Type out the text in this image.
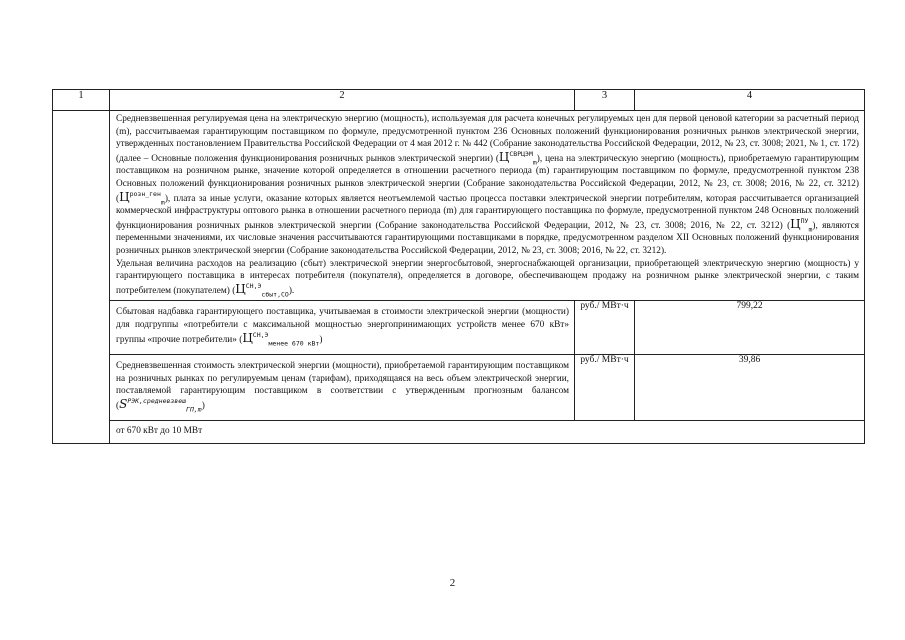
1	2	3	4

	Средневзвешенная регулируемая цена на электрическую энергию (мощность), используемая для расчета конечных регулируемых цен для первой ценовой категории за расчетный период (m), рассчитываемая гарантирующим поставщиком по формуле, предусмотренной пунктом 236 Основных положений функционирования розничных рынков электрической энергии, утвержденных постановлением Правительства Российской Федерации от 4 мая 2012 г. № 442 (Собрание законодательства Российской Федерации, 2012, № 23, ст. 3008; 2021, № 1, ст. 172) (далее – Основные положения функционирования розничных рынков электрической энергии) $(Ц^{СВРЦЭМ}_m)$, цена на электрическую энергию (мощность), приобретаемую гарантирующим поставщиком на розничном рынке, значение которой определяется в отношении расчетного периода (m) гарантирующим поставщиком по формуле, предусмотренной пунктом 238 Основных положений функционирования розничных рынков электрической энергии (Собрание законодательства Российской Федерации, 2012, № 23, ст. 3008; 2016, № 22, ст. 3212) $(Ц^{розн\_ген}_m)$, плата за иные услуги, оказание которых является неотъемлемой частью процесса поставки электрической энергии потребителям, которая рассчитывается организацией коммерческой инфраструктуры оптового рынка в отношении расчетного периода (m) для гарантирующего поставщика по формуле, предусмотренной пунктом 248 Основных положений функционирования розничных рынков электрической энергии (Собрание законодательства Российской Федерации, 2012, № 23, ст. 3008; 2016, № 22, ст. 3212) $(Ц^{ПУ}_m)$, являются переменными значениями, их числовые значения рассчитываются гарантирующими поставщиками в порядке, предусмотренном разделом XII Основных положений функционирования розничных рынков электрической энергии (Собрание законодательства Российской Федерации, 2012, № 23, ст. 3008; 2016, № 22, ст. 3212).

Удельная величина расходов на реализацию (сбыт) электрической энергии энергосбытовой, энергоснабжающей организации, приобретающей электрическую энергию (мощность) у гарантирующего поставщика в интересах потребителя (покупателя), определяется в договоре, обеспечивающем продажу на розничном рынке электрической энергии, с таким потребителем (покупателем) $(Ц^{СН,Э}_{сбыт,СО})$.		

	Сбытовая надбавка гарантирующего поставщика, учитываемая в стоимости электрической энергии (мощности) для подгруппы «потребители с максимальной мощностью энергопринимающих устройств менее 670 кВт» группы «прочие потребители» $(Ц^{СН,Э}_{менее 670 кВт})$	руб./ МВт·ч	799,22

	Средневзвешенная стоимость электрической энергии (мощности), приобретаемой гарантирующим поставщиком на розничных рынках по регулируемым ценам (тарифам), приходящаяся на весь объем электрической энергии, поставляемой гарантирующим поставщиком в соответствии с утвержденным прогнозным балансом $(S^{РЭК,средневзвеш}_{ГП,m})$	руб./ МВт·ч	39,86

	от 670 кВт до 10 МВт		
2
